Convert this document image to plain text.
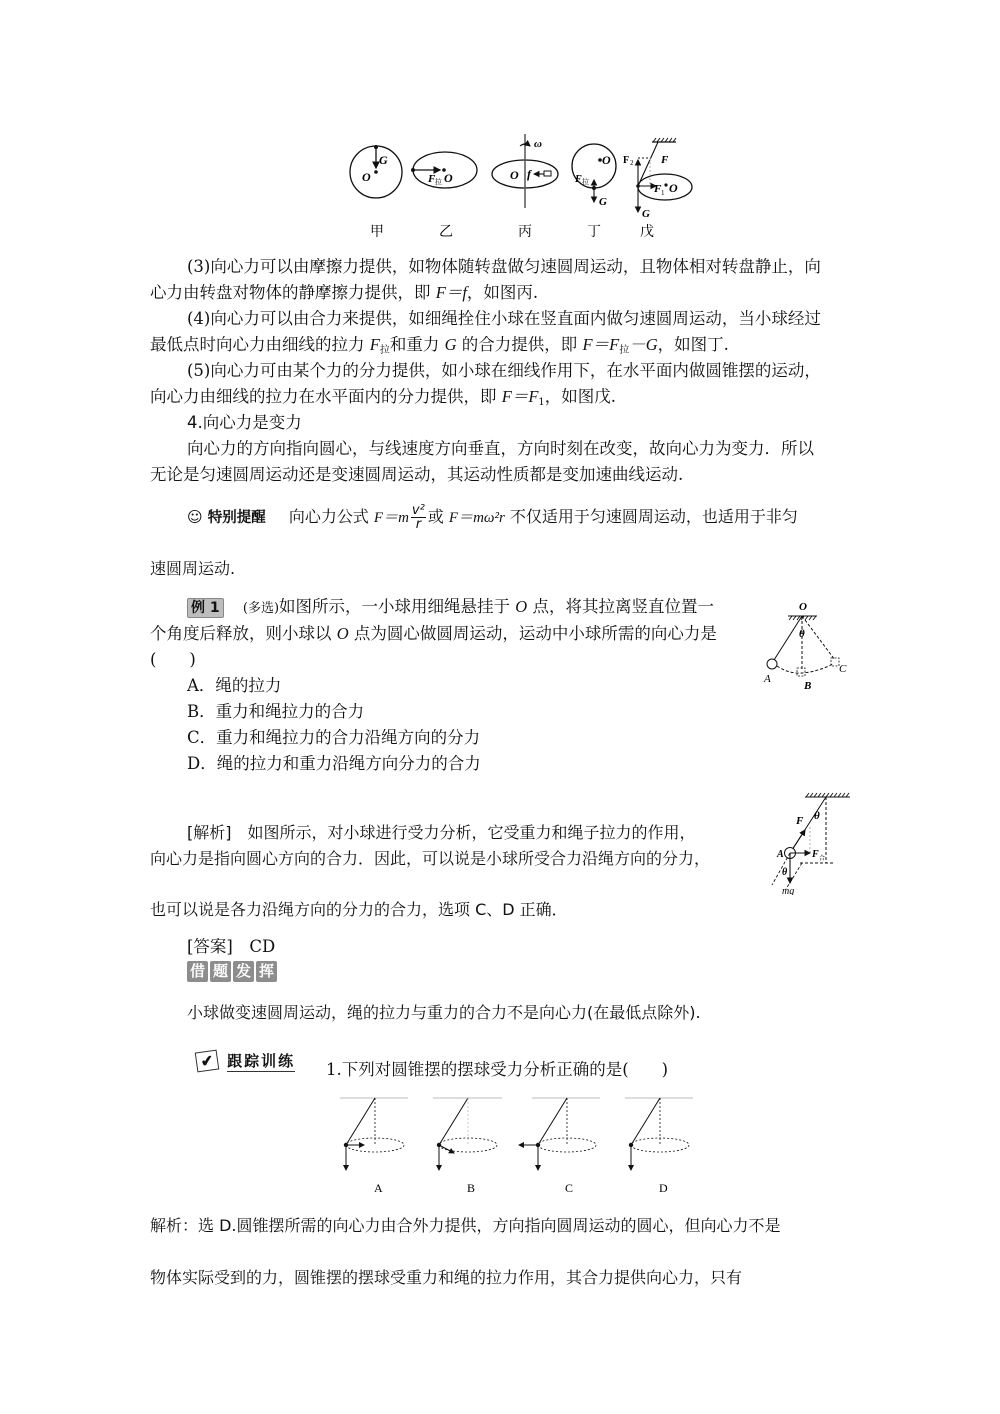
G
O	F 拉 O
ω
O f
O
F 拉
G
F 2	F
F 1 O
G
甲	乙	丙	丁	戊
(3)向心力可以由摩擦力提供，如物体随转盘做匀速圆周运动，且物体相对转盘静止，向
心力由转盘对物体的静摩擦力提供，即 F＝f，如图丙.
(4)向心力可以由合力来提供，如细绳拴住小球在竖直面内做匀速圆周运动，当小球经过
最低点时向心力由细线的拉力 $F_拉$和重力 G 的合力提供，即 $F=F_拉-G$，如图丁.
(5)向心力可由某个力的分力提供，如小球在细线作用下，在水平面内做圆锥摆的运动，
向心力由细线的拉力在水平面内的分力提供，即 $F=F_1$，如图戊.
4.向心力是变力
向心力的方向指向圆心，与线速度方向垂直，方向时刻在改变，故向心力为变力．所以
无论是匀速圆周运动还是变速圆周运动，其运动性质都是变加速曲线运动.
☺ 特别提醒 向心力公式 $F=m \frac{\text{v²}}{r}$ 或 F＝mω²r 不仅适用于匀速圆周运动，也适用于非匀
速圆周运动.
例 1 (多选)如图所示，一小球用细绳悬挂于 O 点，将其拉离竖直位置一
个角度后释放，则小球以 O 点为圆心做圆周运动，运动中小球所需的向心力是
(　　)
A．绳的拉力
B．重力和绳拉力的合力
C．重力和绳拉力的合力沿绳方向的分力
D．绳的拉力和重力沿绳方向分力的合力
O
θ
A
B
C
[解析]　如图所示，对小球进行受力分析，它受重力和绳子拉力的作用，
向心力是指向圆心方向的合力．因此，可以说是小球所受合力沿绳方向的分力，
也可以说是各力沿绳方向的分力的合力，选项 C、D 正确．
F θ
A	F 合
θ
mg
[答案]　CD
借 题 发 挥
小球做变速圆周运动，绳的拉力与重力的合力不是向心力(在最低点除外).
✔ 跟踪训练 1.下列对圆锥摆的摆球受力分析正确的是(　　)
A	B	C	D
解析：选 D.圆锥摆所需的向心力由合外力提供，方向指向圆周运动的圆心，但向心力不是
物体实际受到的力，圆锥摆的摆球受重力和绳的拉力作用，其合力提供向心力，只有
